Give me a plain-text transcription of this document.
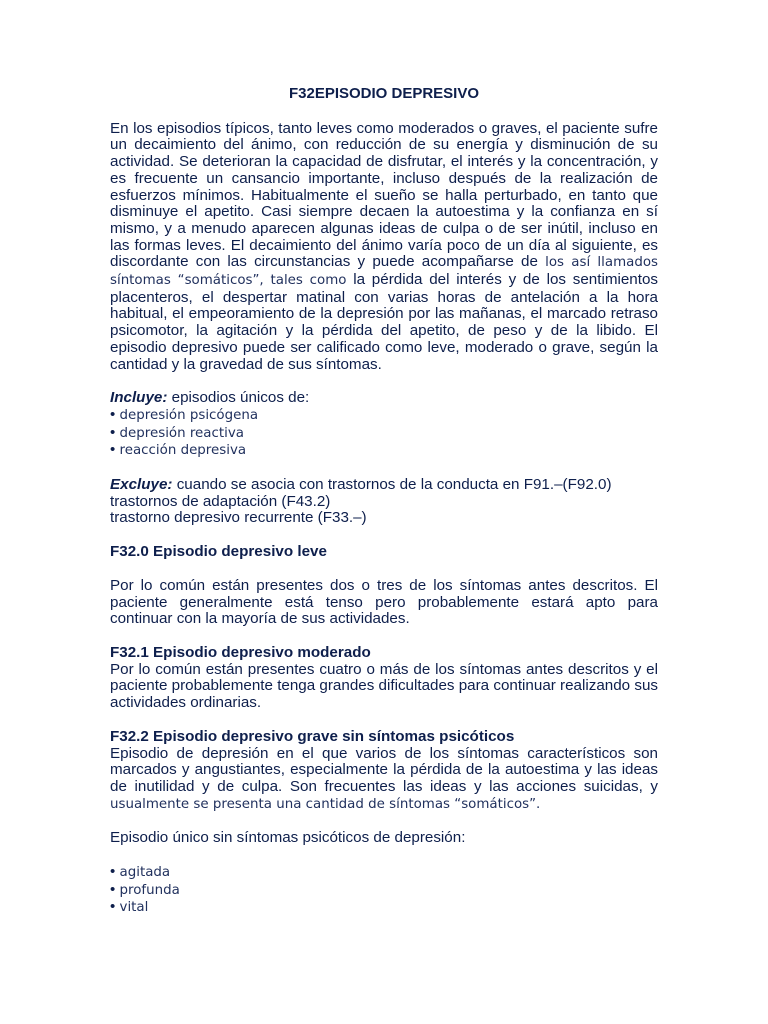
F32EPISODIO DEPRESIVO

En los episodios típicos, tanto leves como moderados o graves, el paciente sufre un decaimiento del ánimo, con reducción de su energía y disminución de su actividad. Se deterioran la capacidad de disfrutar, el interés y la concentración, y es frecuente un cansancio importante, incluso después de la realización de esfuerzos mínimos. Habitualmente el sueño se halla perturbado, en tanto que disminuye el apetito. Casi siempre decaen la autoestima y la confianza en sí mismo, y a menudo aparecen algunas ideas de culpa o de ser inútil, incluso en las formas leves. El decaimiento del ánimo varía poco de un día al siguiente, es discordante con las circunstancias y puede acompañarse de los así llamados síntomas “somáticos”, tales como la pérdida del interés y de los sentimientos placenteros, el despertar matinal con varias horas de antelación a la hora habitual, el empeoramiento de la depresión por las mañanas, el marcado retraso psicomotor, la agitación y la pérdida del apetito, de peso y de la libido. El episodio depresivo puede ser calificado como leve, moderado o grave, según la cantidad y la gravedad de sus síntomas.

Incluye: episodios únicos de:

• depresión psicógena

• depresión reactiva

• reacción depresiva

Excluye: cuando se asocia con trastornos de la conducta en F91.–(F92.0)

trastornos de adaptación (F43.2)

trastorno depresivo recurrente (F33.–)

F32.0 Episodio depresivo leve

Por lo común están presentes dos o tres de los síntomas antes descritos. El paciente generalmente está tenso pero probablemente estará apto para continuar con la mayoría de sus actividades.

F32.1 Episodio depresivo moderado

Por lo común están presentes cuatro o más de los síntomas antes descritos y el paciente probablemente tenga grandes dificultades para continuar realizando sus actividades ordinarias.

F32.2 Episodio depresivo grave sin síntomas psicóticos

Episodio de depresión en el que varios de los síntomas característicos son marcados y angustiantes, especialmente la pérdida de la autoestima y las ideas de inutilidad y de culpa. Son frecuentes las ideas y las acciones suicidas, y usualmente se presenta una cantidad de síntomas “somáticos”.

Episodio único sin síntomas psicóticos de depresión:

• agitada

• profunda

• vital
